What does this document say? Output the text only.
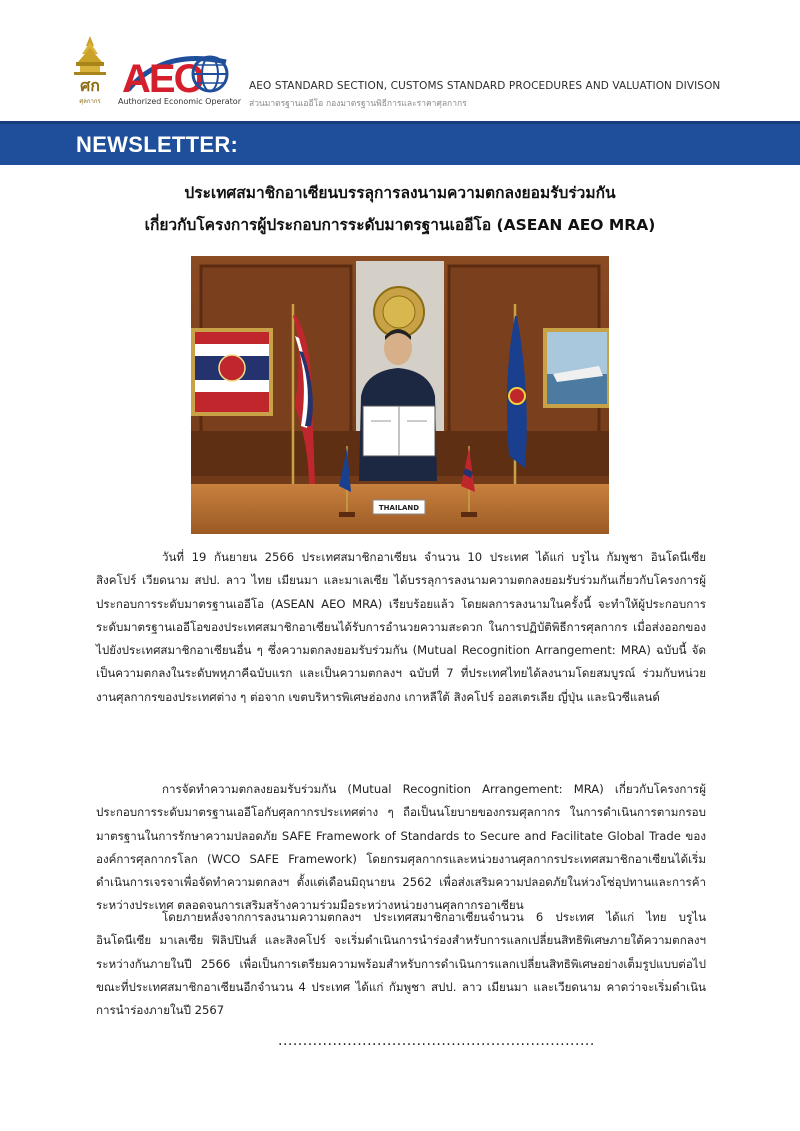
ศก
ศุลกากร
AEO
Authorized Economic Operator
AEO STANDARD SECTION, CUSTOMS STANDARD PROCEDURES AND VALUATION DIVISON
ส่วนมาตรฐานเออีโอ กองมาตรฐานพิธีการและราคาศุลกากร
NEWSLETTER:
ประเทศสมาชิกอาเซียนบรรลุการลงนามความตกลงยอมรับร่วมกัน
เกี่ยวกับโครงการผู้ประกอบการระดับมาตรฐานเออีโอ (ASEAN AEO MRA)
THAILAND

วันที่ 19 กันยายน 2566 ประเทศสมาชิกอาเซียน จำนวน 10 ประเทศ ได้แก่ บรูไน กัมพูชา อินโดนีเซีย สิงคโปร์ เวียดนาม สปป. ลาว ไทย เมียนมา และมาเลเซีย ได้บรรลุการลงนามความตกลงยอมรับร่วมกันเกี่ยวกับโครงการผู้ประกอบการระดับมาตรฐานเออีโอ (ASEAN AEO MRA) เรียบร้อยแล้ว โดยผลการลงนามในครั้งนี้ จะทำให้ผู้ประกอบการระดับมาตรฐานเออีโอของประเทศสมาชิกอาเซียนได้รับการอำนวยความสะดวก ในการปฏิบัติพิธีการศุลกากร เมื่อส่งออกของไปยังประเทศสมาชิกอาเซียนอื่น ๆ ซึ่งความตกลงยอมรับร่วมกัน (Mutual Recognition Arrangement: MRA) ฉบับนี้ จัดเป็นความตกลงในระดับพหุภาคีฉบับแรก และเป็นความตกลงฯ ฉบับที่ 7 ที่ประเทศไทยได้ลงนามโดยสมบูรณ์ ร่วมกับหน่วยงานศุลกากรของประเทศต่าง ๆ ต่อจาก เขตบริหารพิเศษฮ่องกง เกาหลีใต้ สิงคโปร์ ออสเตรเลีย ญี่ปุ่น และนิวซีแลนด์

การจัดทำความตกลงยอมรับร่วมกัน (Mutual Recognition Arrangement: MRA) เกี่ยวกับโครงการผู้ประกอบการระดับมาตรฐานเออีโอกับศุลกากรประเทศต่าง ๆ ถือเป็นนโยบายของกรมศุลกากร ในการดำเนินการตามกรอบมาตรฐานในการรักษาความปลอดภัย SAFE Framework of Standards to Secure and Facilitate Global Trade ขององค์การศุลกากรโลก (WCO SAFE Framework) โดยกรมศุลกากรและหน่วยงานศุลกากรประเทศสมาชิกอาเซียนได้เริ่มดำเนินการเจรจาเพื่อจัดทำความตกลงฯ ตั้งแต่เดือนมิถุนายน 2562 เพื่อส่งเสริมความปลอดภัยในห่วงโซ่อุปทานและการค้าระหว่างประเทศ ตลอดจนการเสริมสร้างความร่วมมือระหว่างหน่วยงานศุลกากรอาเซียน

โดยภายหลังจากการลงนามความตกลงฯ ประเทศสมาชิกอาเซียนจำนวน 6 ประเทศ ได้แก่ ไทย บรูไน อินโดนีเซีย มาเลเซีย ฟิลิปปินส์ และสิงคโปร์ จะเริ่มดำเนินการนำร่องสำหรับการแลกเปลี่ยนสิทธิพิเศษภายใต้ความตกลงฯ ระหว่างกันภายในปี 2566 เพื่อเป็นการเตรียมความพร้อมสำหรับการดำเนินการแลกเปลี่ยนสิทธิพิเศษอย่างเต็มรูปแบบต่อไป ขณะที่ประเทศสมาชิกอาเซียนอีกจำนวน 4 ประเทศ ได้แก่ กัมพูชา สปป. ลาว เมียนมา และเวียดนาม คาดว่าจะเริ่มดำเนินการนำร่องภายในปี 2567

................................................................
